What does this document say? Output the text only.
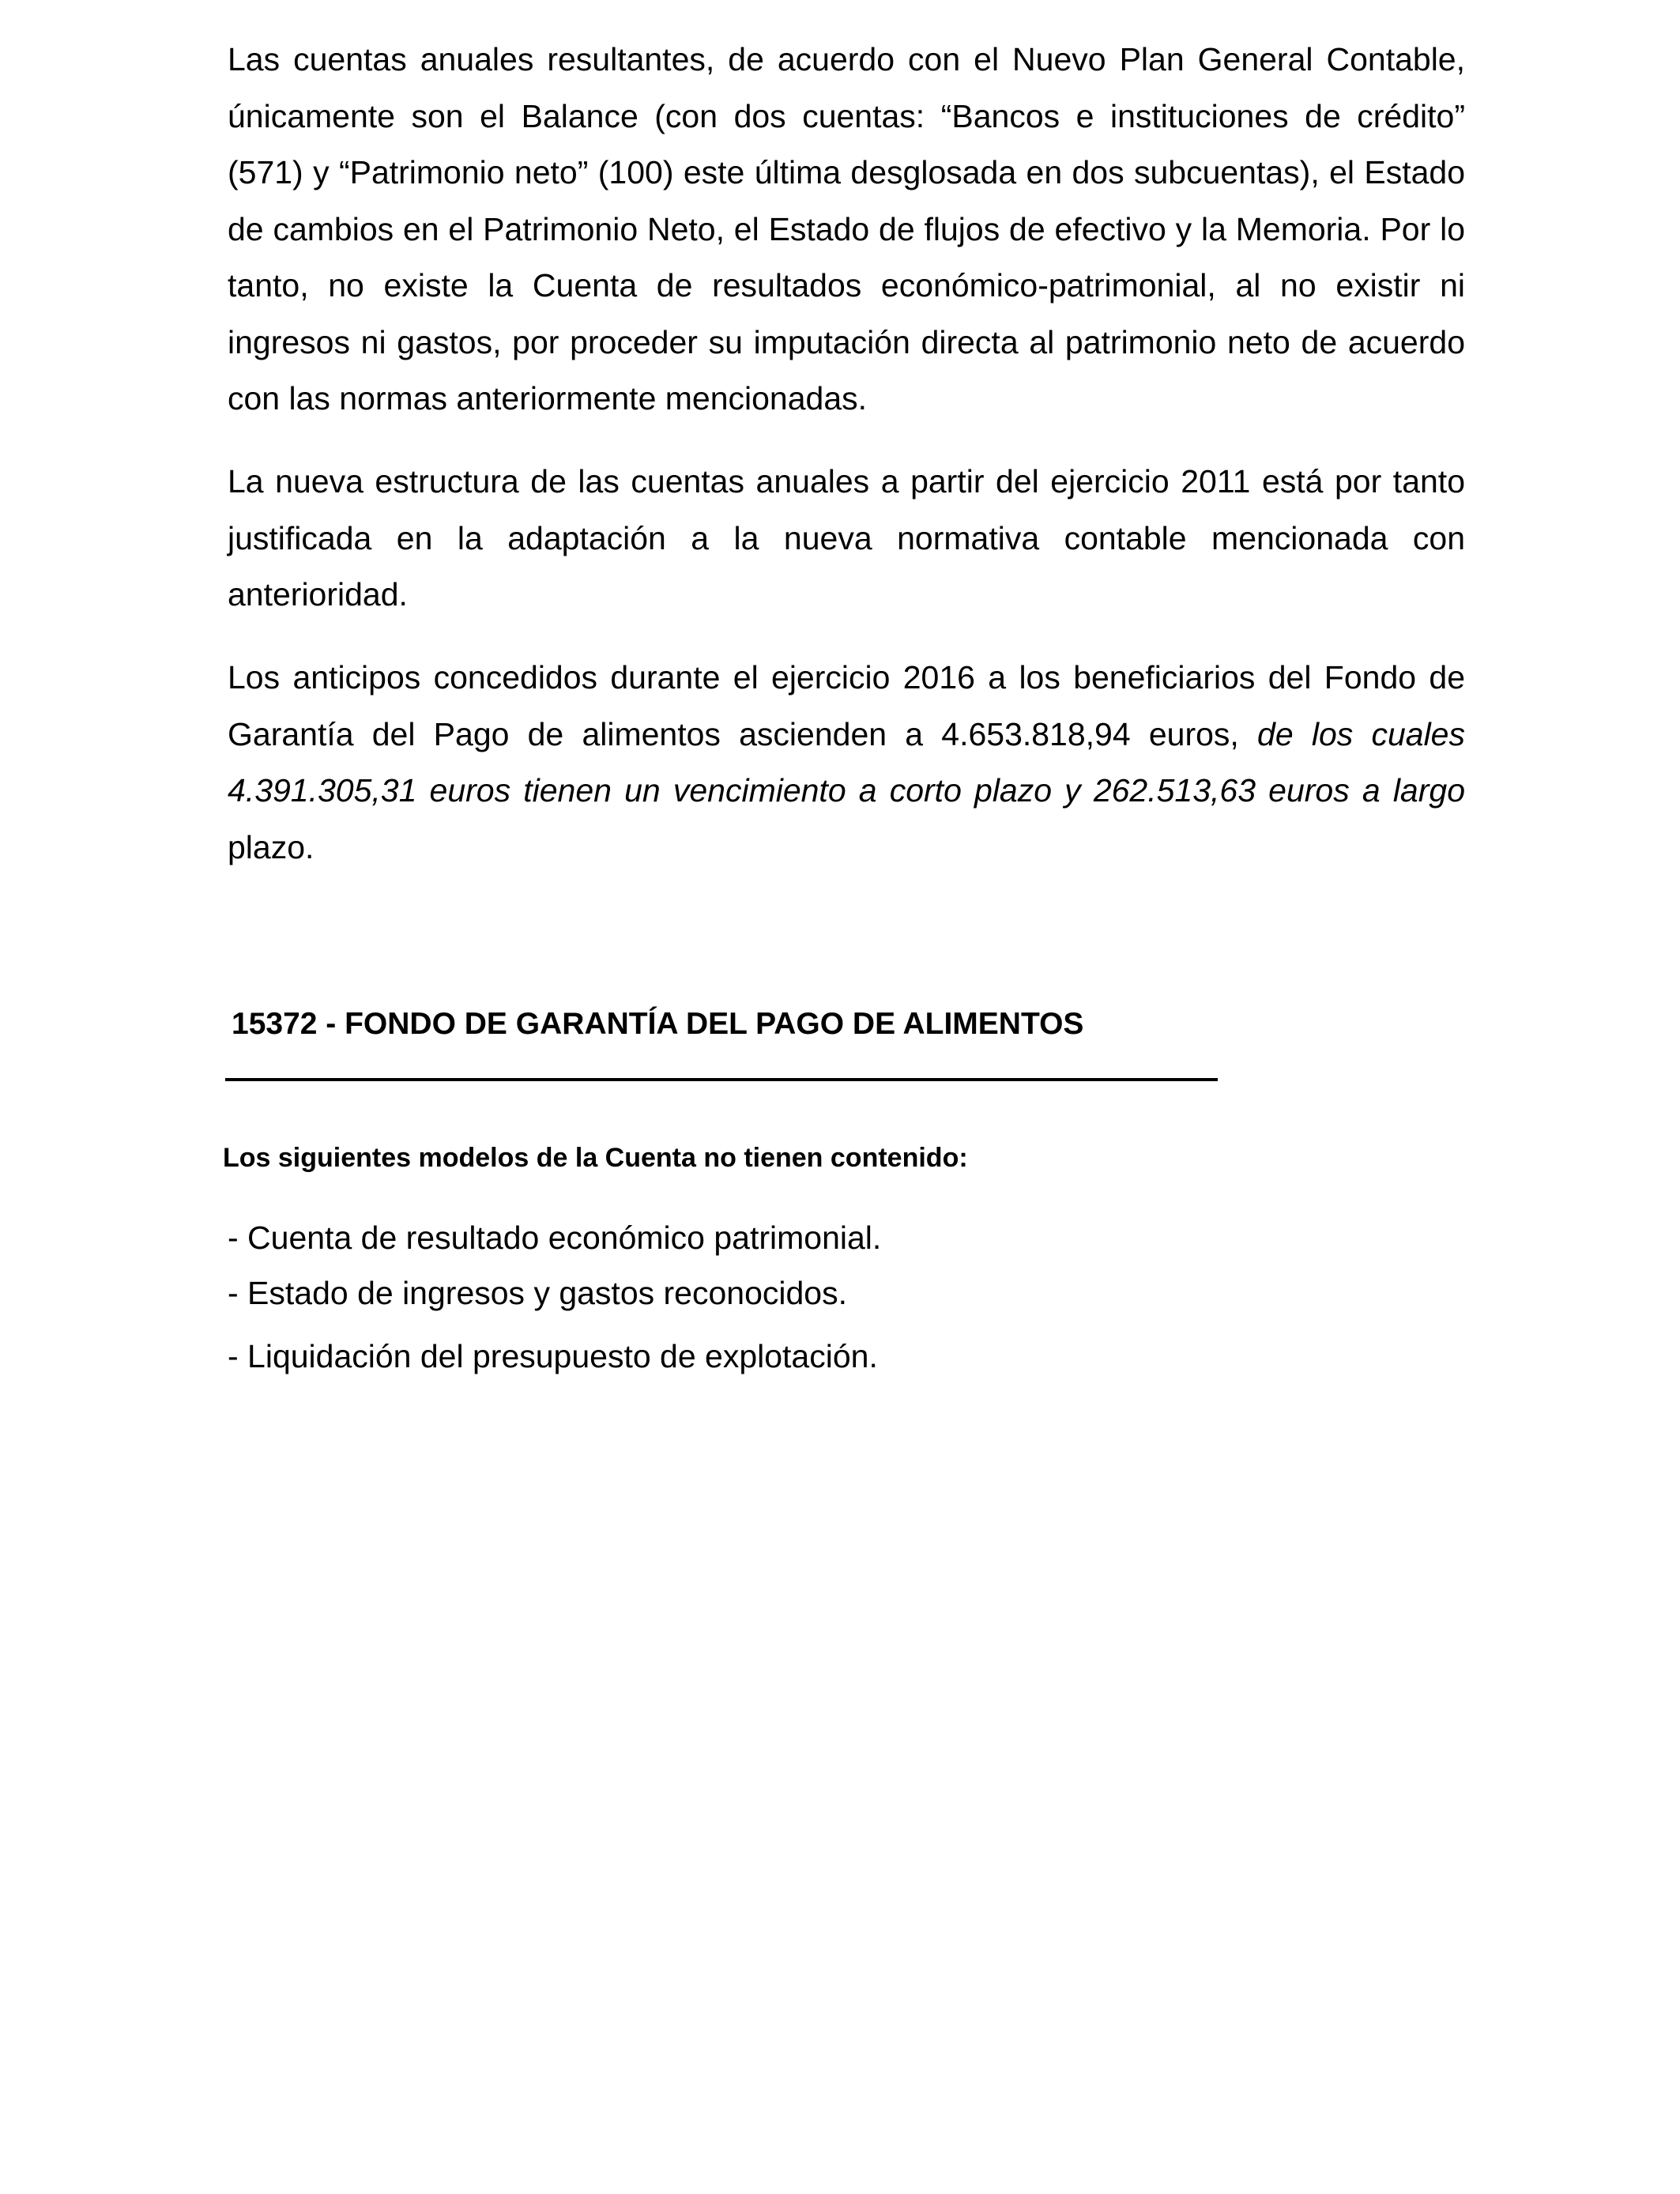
Las cuentas anuales resultantes, de acuerdo con el Nuevo Plan General Contable, únicamente son el Balance (con dos cuentas: “Bancos e instituciones de crédito” (571) y “Patrimonio neto” (100) este última desglosada en dos subcuentas), el Estado de cambios en el Patrimonio Neto, el Estado de flujos de efectivo y la Memoria. Por lo tanto, no existe la Cuenta de resultados económico-patrimonial, al no existir ni ingresos ni gastos, por proceder su imputación directa al patrimonio neto de acuerdo con las normas anteriormente mencionadas.

La nueva estructura de las cuentas anuales a partir del ejercicio 2011 está por tanto justificada en la adaptación a la nueva normativa contable mencionada con anterioridad.

Los anticipos concedidos durante el ejercicio 2016 a los beneficiarios del Fondo de Garantía del Pago de alimentos ascienden a 4.653.818,94 euros, de los cuales 4.391.305,31 euros tienen un vencimiento a corto plazo y 262.513,63 euros a largo plazo.

15372 - FONDO DE GARANTÍA DEL PAGO DE ALIMENTOS

Los siguientes modelos de la Cuenta no tienen contenido:

- Cuenta de resultado económico patrimonial.
- Estado de ingresos y gastos reconocidos.
- Liquidación del presupuesto de explotación.
